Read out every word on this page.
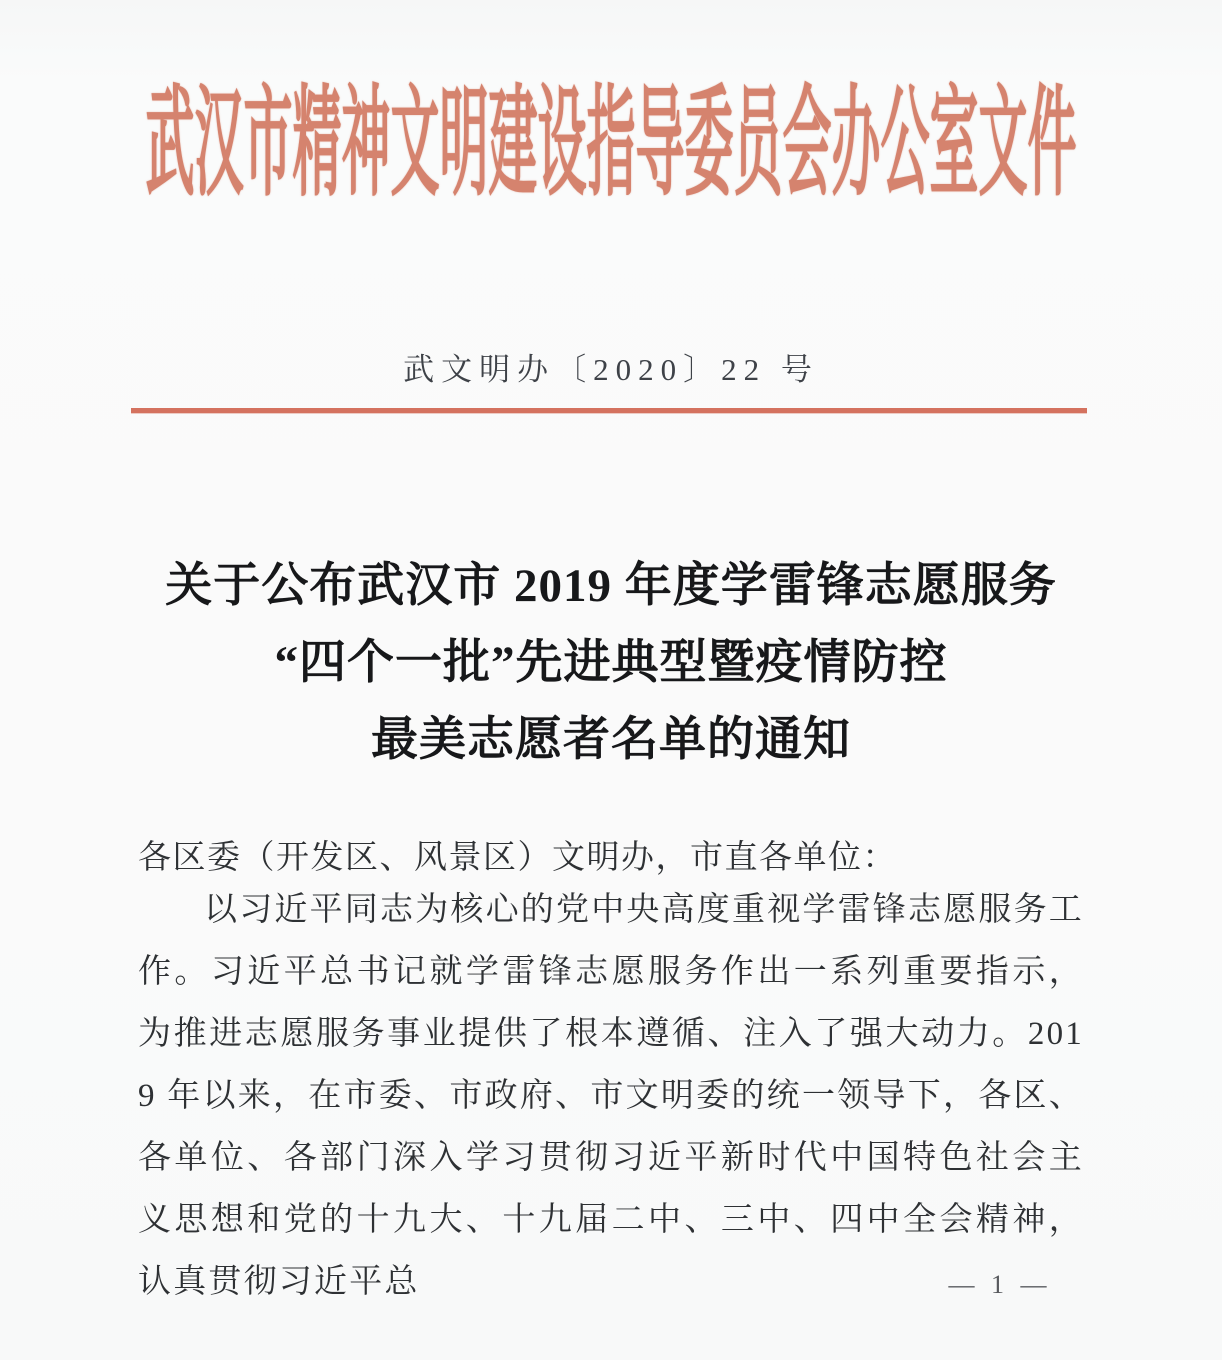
武汉市精神文明建设指导委员会办公室文件
武文明办〔2020〕22 号
关于公布武汉市 2019 年度学雷锋志愿服务
“四个一批”先进典型暨疫情防控
最美志愿者名单的通知
各区委（开发区、风景区）文明办，市直各单位：
以习近平同志为核心的党中央高度重视学雷锋志愿服务工作。习近平总书记就学雷锋志愿服务作出一系列重要指示，为推进志愿服务事业提供了根本遵循、注入了强大动力。2019 年以来，在市委、市政府、市文明委的统一领导下，各区、各单位、各部门深入学习贯彻习近平新时代中国特色社会主义思想和党的十九大、十九届二中、三中、四中全会精神，认真贯彻习近平总	— 1 —
